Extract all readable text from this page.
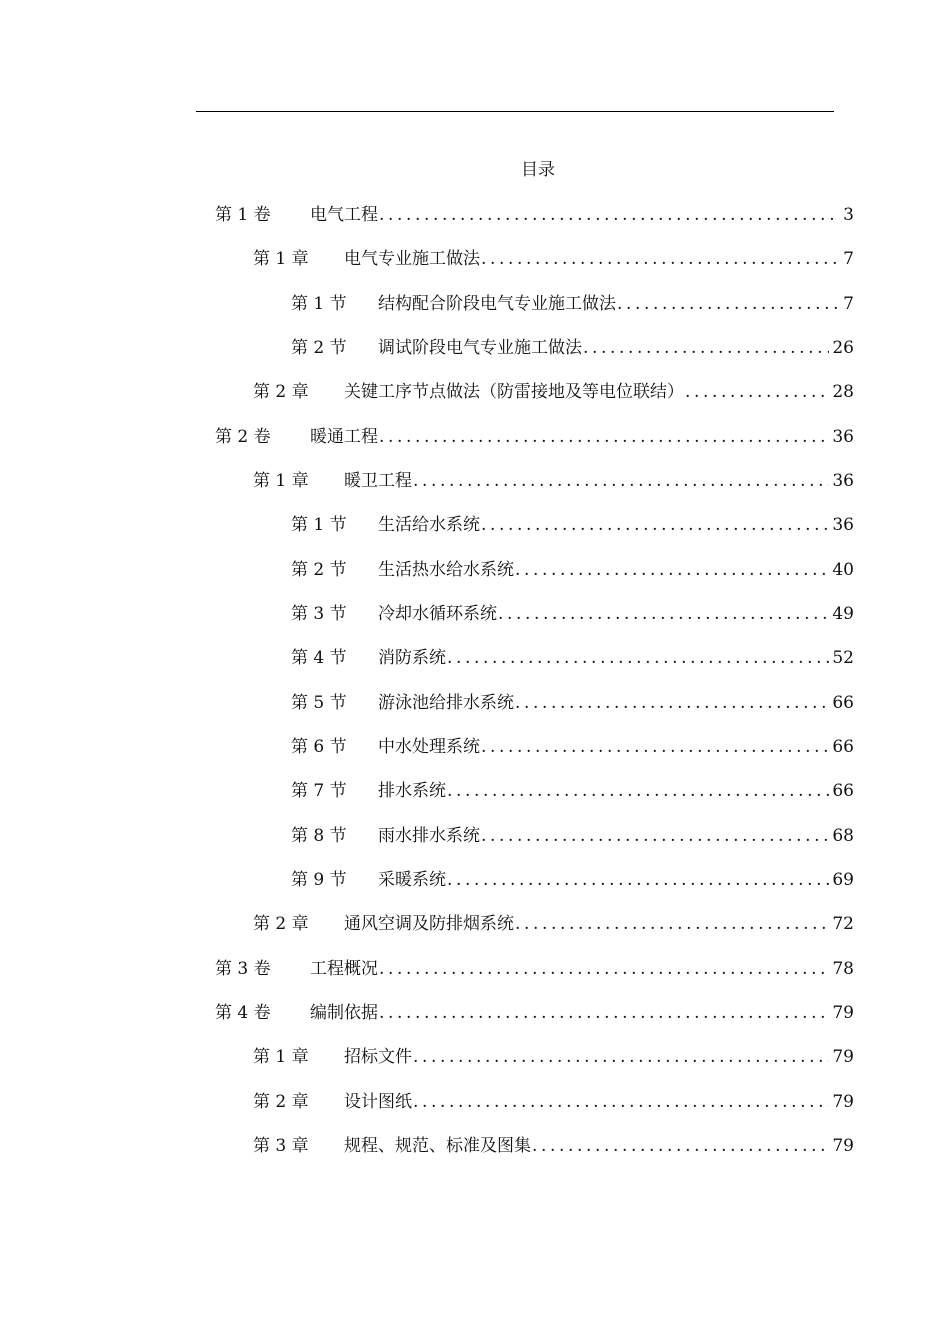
目录
第 1 卷	电气工程 .....	3
第 1 章	电气专业施工做法 .....	7
第 1 节	结构配合阶段电气专业施工做法 .....	7
第 2 节	调试阶段电气专业施工做法 .....	26
第 2 章	关键工序节点做法（防雷接地及等电位联结） .....	28
第 2 卷	暖通工程 .....	36
第 1 章	暖卫工程 .....	36
第 1 节	生活给水系统 .....	36
第 2 节	生活热水给水系统 .....	40
第 3 节	冷却水循环系统 .....	49
第 4 节	消防系统 .....	52
第 5 节	游泳池给排水系统 .....	66
第 6 节	中水处理系统 .....	66
第 7 节	排水系统 .....	66
第 8 节	雨水排水系统 .....	68
第 9 节	采暖系统 .....	69
第 2 章	通风空调及防排烟系统 .....	72
第 3 卷	工程概况 .....	78
第 4 卷	编制依据 .....	79
第 1 章	招标文件 .....	79
第 2 章	设计图纸 .....	79
第 3 章	规程、规范、标准及图集 .....	79
